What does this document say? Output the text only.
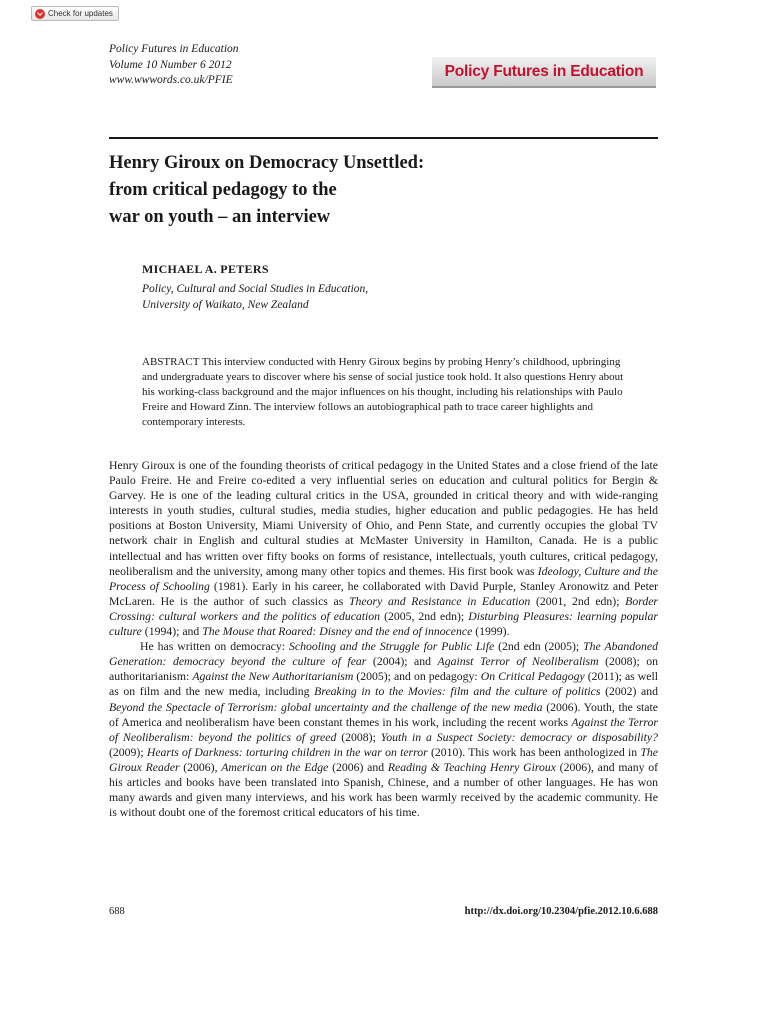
Check for updates
Policy Futures in Education
Volume 10 Number 6 2012
www.wwwords.co.uk/PFIE
Policy Futures in Education
Henry Giroux on Democracy Unsettled:
from critical pedagogy to the
war on youth – an interview
MICHAEL A. PETERS
Policy, Cultural and Social Studies in Education,
University of Waikato, New Zealand

ABSTRACT This interview conducted with Henry Giroux begins by probing Henry’s childhood, upbringing and undergraduate years to discover where his sense of social justice took hold. It also questions Henry about his working-class background and the major influences on his thought, including his relationships with Paulo Freire and Howard Zinn. The interview follows an autobiographical path to trace career highlights and contemporary interests.

Henry Giroux is one of the founding theorists of critical pedagogy in the United States and a close friend of the late Paulo Freire. He and Freire co-edited a very influential series on education and cultural politics for Bergin & Garvey. He is one of the leading cultural critics in the USA, grounded in critical theory and with wide-ranging interests in youth studies, cultural studies, media studies, higher education and public pedagogies. He has held positions at Boston University, Miami University of Ohio, and Penn State, and currently occupies the global TV network chair in English and cultural studies at McMaster University in Hamilton, Canada. He is a public intellectual and has written over fifty books on forms of resistance, intellectuals, youth cultures, critical pedagogy, neoliberalism and the university, among many other topics and themes. His first book was Ideology, Culture and the Process of Schooling (1981). Early in his career, he collaborated with David Purple, Stanley Aronowitz and Peter McLaren. He is the author of such classics as Theory and Resistance in Education (2001, 2nd edn); Border Crossing: cultural workers and the politics of education (2005, 2nd edn); Disturbing Pleasures: learning popular culture (1994); and The Mouse that Roared: Disney and the end of innocence (1999).

He has written on democracy: Schooling and the Struggle for Public Life (2nd edn (2005); The Abandoned Generation: democracy beyond the culture of fear (2004); and Against Terror of Neoliberalism (2008); on authoritarianism: Against the New Authoritarianism (2005); and on pedagogy: On Critical Pedagogy (2011); as well as on film and the new media, including Breaking in to the Movies: film and the culture of politics (2002) and Beyond the Spectacle of Terrorism: global uncertainty and the challenge of the new media (2006). Youth, the state of America and neoliberalism have been constant themes in his work, including the recent works Against the Terror of Neoliberalism: beyond the politics of greed (2008); Youth in a Suspect Society: democracy or disposability? (2009); Hearts of Darkness: torturing children in the war on terror (2010). This work has been anthologized in The Giroux Reader (2006), American on the Edge (2006) and Reading & Teaching Henry Giroux (2006), and many of his articles and books have been translated into Spanish, Chinese, and a number of other languages. He has won many awards and given many interviews, and his work has been warmly received by the academic community. He is without doubt one of the foremost critical educators of his time.

688	http://dx.doi.org/10.2304/pfie.2012.10.6.688
